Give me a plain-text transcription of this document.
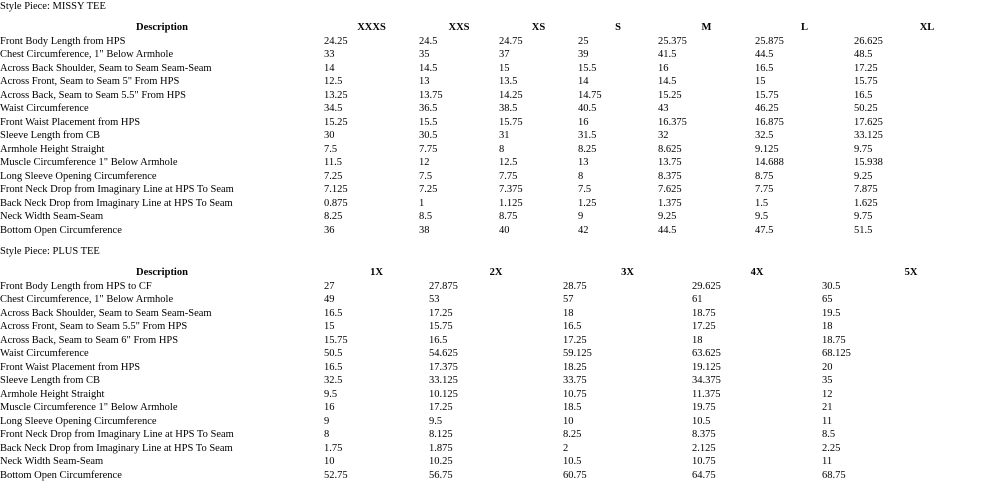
Style Piece: MISSY TEE
Description	XXXS	XXS	XS	S	M	L	XL
Front Body Length from HPS	24.25	24.5	24.75	25	25.375	25.875	26.625
Chest Circumference, 1" Below Armhole	33	35	37	39	41.5	44.5	48.5
Across Back Shoulder, Seam to Seam Seam-Seam	14	14.5	15	15.5	16	16.5	17.25
Across Front, Seam to Seam 5" From HPS	12.5	13	13.5	14	14.5	15	15.75
Across Back, Seam to Seam 5.5" From HPS	13.25	13.75	14.25	14.75	15.25	15.75	16.5
Waist Circumference	34.5	36.5	38.5	40.5	43	46.25	50.25
Front Waist Placement from HPS	15.25	15.5	15.75	16	16.375	16.875	17.625
Sleeve Length from CB	30	30.5	31	31.5	32	32.5	33.125
Armhole Height Straight	7.5	7.75	8	8.25	8.625	9.125	9.75
Muscle Circumference 1" Below Armhole	11.5	12	12.5	13	13.75	14.688	15.938
Long Sleeve Opening Circumference	7.25	7.5	7.75	8	8.375	8.75	9.25
Front Neck Drop from Imaginary Line at HPS To Seam	7.125	7.25	7.375	7.5	7.625	7.75	7.875
Back Neck Drop from Imaginary Line at HPS To Seam	0.875	1	1.125	1.25	1.375	1.5	1.625
Neck Width Seam-Seam	8.25	8.5	8.75	9	9.25	9.5	9.75
Bottom Open Circumference	36	38	40	42	44.5	47.5	51.5
Style Piece: PLUS TEE
Description	1X	2X	3X	4X	5X
Front Body Length from HPS to CF	27	27.875	28.75	29.625	30.5
Chest Circumference, 1" Below Armhole	49	53	57	61	65
Across Back Shoulder, Seam to Seam Seam-Seam	16.5	17.25	18	18.75	19.5
Across Front, Seam to Seam 5.5" From HPS	15	15.75	16.5	17.25	18
Across Back, Seam to Seam 6" From HPS	15.75	16.5	17.25	18	18.75
Waist Circumference	50.5	54.625	59.125	63.625	68.125
Front Waist Placement from HPS	16.5	17.375	18.25	19.125	20
Sleeve Length from CB	32.5	33.125	33.75	34.375	35
Armhole Height Straight	9.5	10.125	10.75	11.375	12
Muscle Circumference 1" Below Armhole	16	17.25	18.5	19.75	21
Long Sleeve Opening Circumference	9	9.5	10	10.5	11
Front Neck Drop from Imaginary Line at HPS To Seam	8	8.125	8.25	8.375	8.5
Back Neck Drop from Imaginary Line at HPS To Seam	1.75	1.875	2	2.125	2.25
Neck Width Seam-Seam	10	10.25	10.5	10.75	11
Bottom Open Circumference	52.75	56.75	60.75	64.75	68.75
